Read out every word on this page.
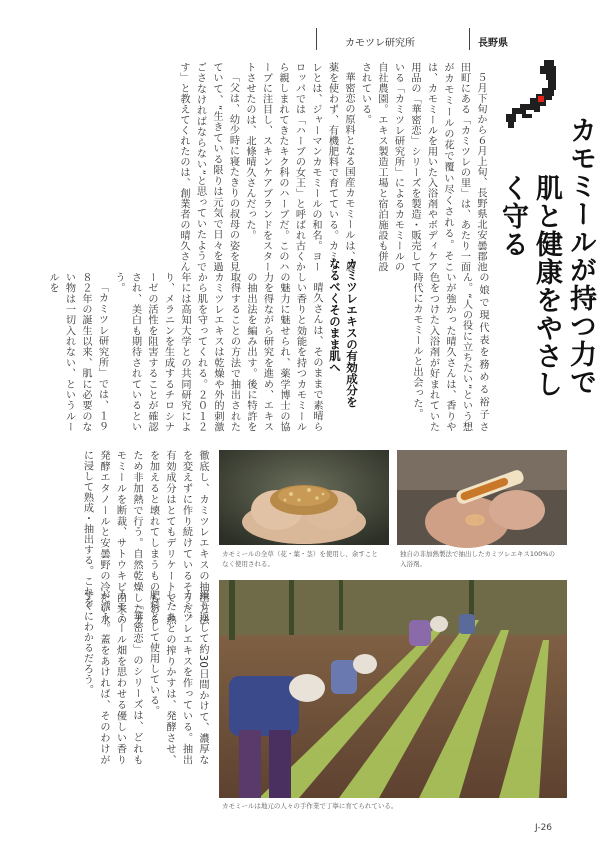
カモツレ研究所	長野県
カモミールが持つ力で
肌と健康をやさしく守る

５月下旬から６月上旬、長野県北安曇郡池田町にある「カミツレの里」は、あたり一面がカモミールの花で覆い尽くされる。そこは、カモミールを用いた入浴剤やボディケア用品の「華密恋」シリーズを製造・販売している「カミツレ研究所」によるカモミールの自社農園。エキス製造工場と宿泊施設も併設されている。

華密恋の原料となる国産カモミールは、農薬を使わず、有機肥料で育てている。カミツレとは、ジャーマンカモミールの和名。ヨーロッパでは「ハーブの女王」と呼ばれ古くから親しまれてきたキク科のハーブだ。このハーブに注目し、スキンケアブランドをスタートさせたのは、北條晴久さんだった。

「父は、幼少時に寝たきりの叔母の姿を見ていて、“生きている限りは元気で日々を過ごさなければならない”と思っていたようです」と教えてくれたのは、創業者の晴久さん

の娘で現代表を務める裕子さん。“人の役に立ちたい”という想いが強かった晴久さんは、香りや色をつけた入浴剤が好まれていた時代にカモミールと出会った。

カミツレエキスの有効成分をなるべくそのまま肌へ

晴久さんは、そのままで素晴らしい香りと効能を持つカモミールの魅力に魅せられ、薬学博士の協力を得ながら研究を進め、エキスの抽出法を編み出す。後に特許を取得することの方法で抽出されたカミツレエキスは乾燥や外的刺激から肌を守ってくれる。２０１２年には高知大学との共同研究により、メラニンを生成するチロシナーゼの活性を阻害することが確認され、美白も期待されているという。

「カミツレ研究所」では、１９８２年の誕生以来、肌に必要のない物は一切入れない、というルールを

徹底し、カミツレエキスの抽出方法を変えずに作り続けているそうだ。有効成分はとてもデリケートで、熱を加えると壊れてしまうものもあるため非加熱で行う。自然乾燥したカモミールを断裁、サトウキビ由来の発酵エタノールと安曇野の冷たい水に浸して熟成・抽出する。これを	カモミールの全草（花・葉・茎）を使用し、余すことなく使用される。
独自の非加熱製法で抽出したカミツレエキス100%の入浴剤。
カモミールは地元の人々の手作業で丁寧に育てられている。

繰り返して約30日間かけて、濃厚なカミツレエキスを作っている。抽出したあとの搾りかすは、発酵させ、肥料として使用している。

「華密恋」のシリーズは、どれもカモミール畑を思わせる優しい香りが漂う。蓋をあければ、そのわけがすぐにわかるだろう。

J-26
